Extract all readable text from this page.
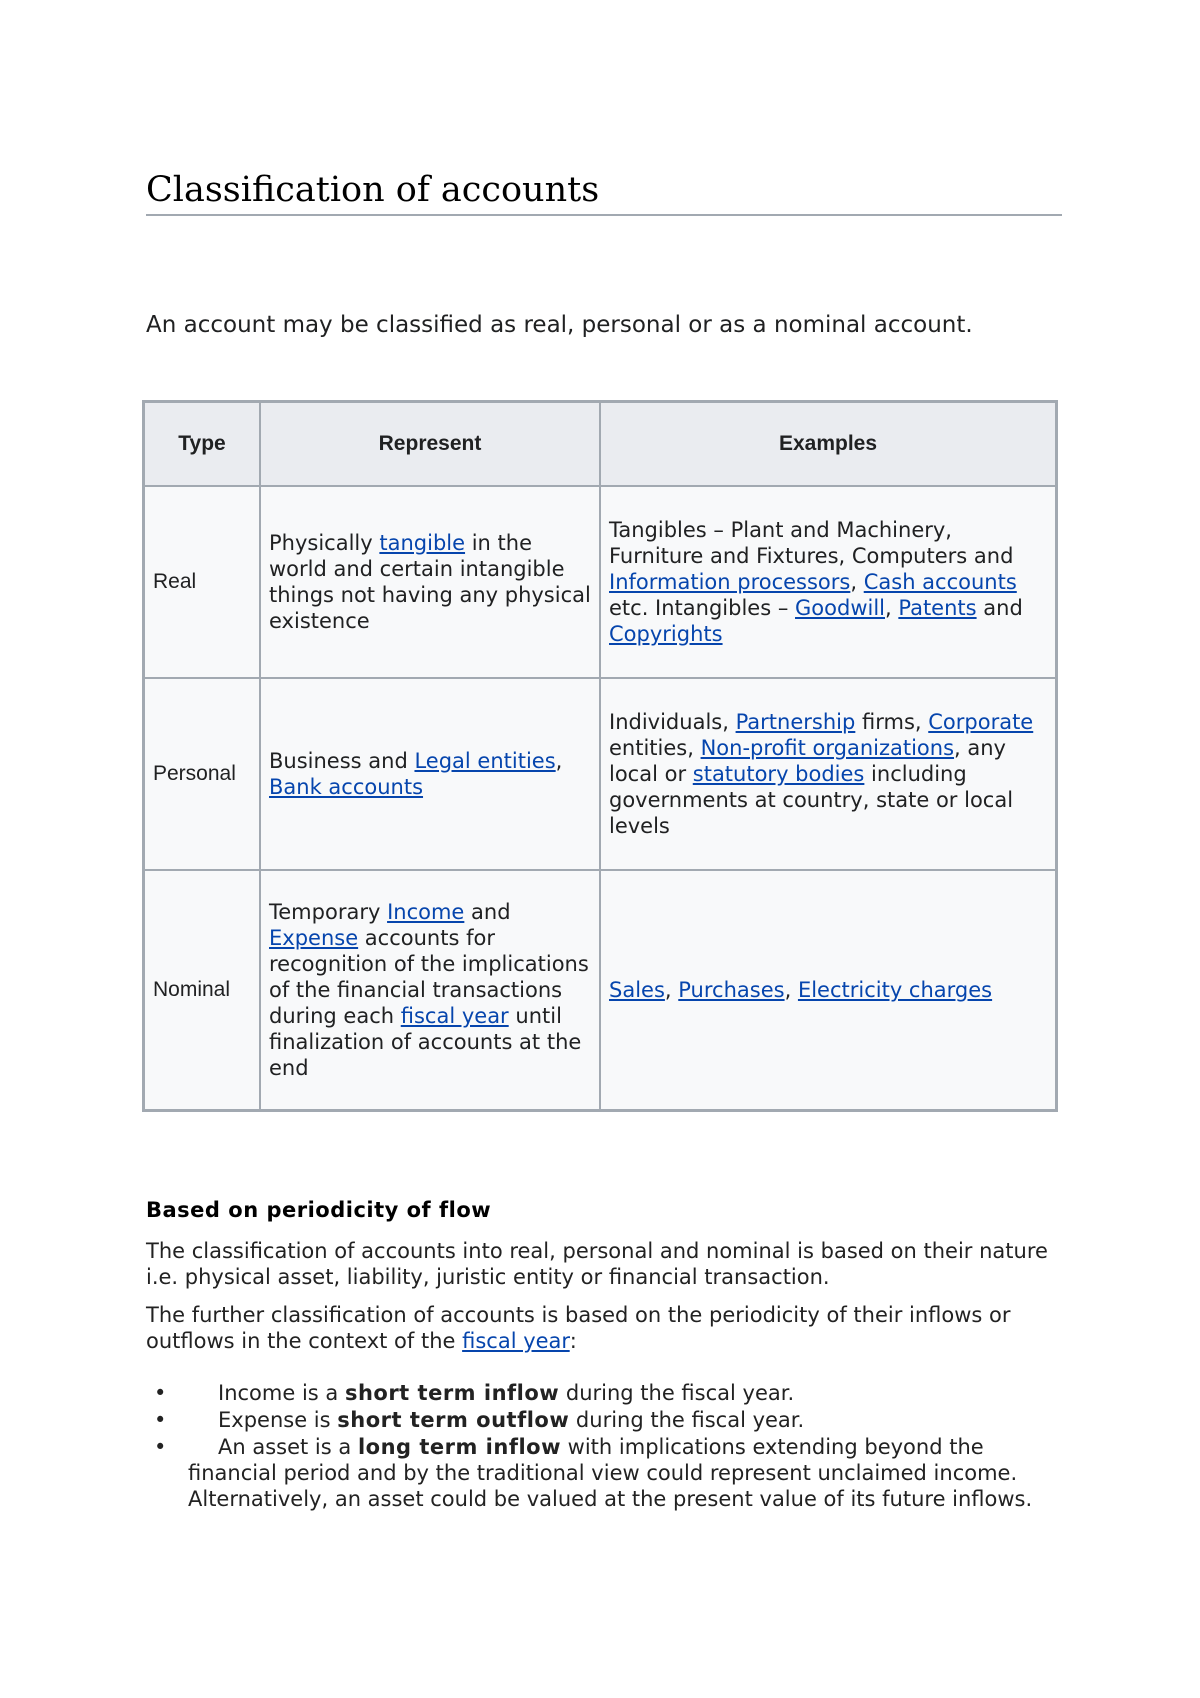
Classification of accounts

An account may be classified as real, personal or as a nominal account.

Type	Represent	Examples
Real	Physically tangible in the world and certain intangible things not having any physical existence	Tangibles – Plant and Machinery, Furniture and Fixtures, Computers and Information processors, Cash accounts etc. Intangibles – Goodwill, Patents and Copyrights
Personal	Business and Legal entities, Bank accounts	Individuals, Partnership firms, Corporate entities, Non-profit organizations, any local or statutory bodies including governments at country, state or local levels
Nominal	Temporary Income and Expense accounts for recognition of the implications of the financial transactions during each fiscal year until finalization of accounts at the end	Sales, Purchases, Electricity charges
Based on periodicity of flow

The classification of accounts into real, personal and nominal is based on their nature i.e. physical asset, liability, juristic entity or financial transaction.

The further classification of accounts is based on the periodicity of their inflows or outflows in the context of the fiscal year:

• Income is a short term inflow during the fiscal year.
• Expense is short term outflow during the fiscal year.
• An asset is a long term inflow with implications extending beyond the financial period and by the traditional view could represent unclaimed income. Alternatively, an asset could be valued at the present value of its future inflows.
